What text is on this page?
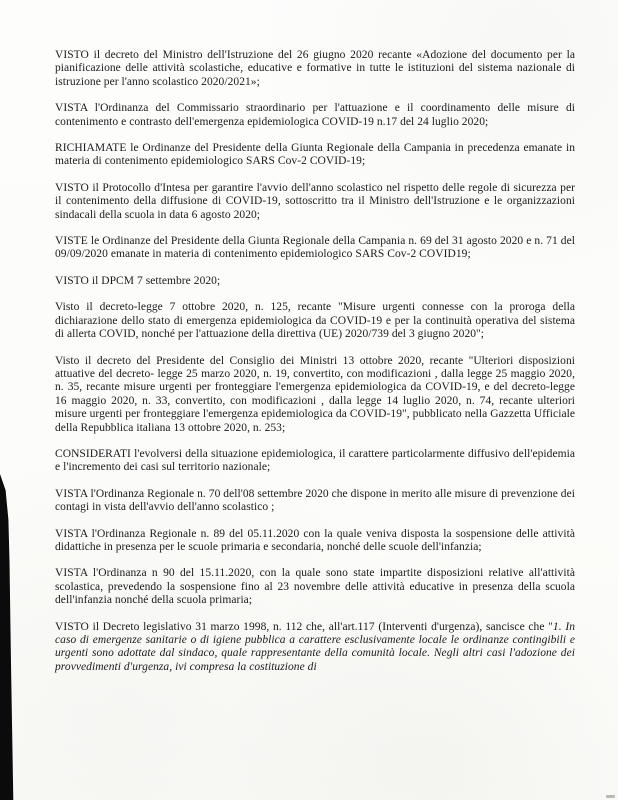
VISTO il decreto del Ministro dell'Istruzione del 26 giugno 2020 recante «Adozione del documento per la pianificazione delle attività scolastiche, educative e formative in tutte le istituzioni del sistema nazionale di istruzione per l'anno scolastico 2020/2021»;

VISTA l'Ordinanza del Commissario straordinario per l'attuazione e il coordinamento delle misure di contenimento e contrasto dell'emergenza epidemiologica COVID-19 n.17 del 24 luglio 2020;

RICHIAMATE le Ordinanze del Presidente della Giunta Regionale della Campania in precedenza emanate in materia di contenimento epidemiologico SARS Cov-2 COVID-19;

VISTO il Protocollo d'Intesa per garantire l'avvio dell'anno scolastico nel rispetto delle regole di sicurezza per il contenimento della diffusione di COVID-19, sottoscritto tra il Ministro dell'Istruzione e le organizzazioni sindacali della scuola in data 6 agosto 2020;

VISTE le Ordinanze del Presidente della Giunta Regionale della Campania n. 69 del 31 agosto 2020 e n. 71 del 09/09/2020 emanate in materia di contenimento epidemiologico SARS Cov-2 COVID19;

VISTO il DPCM 7 settembre 2020;

Visto il decreto-legge 7 ottobre 2020, n. 125, recante "Misure urgenti connesse con la proroga della dichiarazione dello stato di emergenza epidemiologica da COVID-19 e per la continuità operativa del sistema di allerta COVID, nonché per l'attuazione della direttiva (UE) 2020/739 del 3 giugno 2020";

Visto il decreto del Presidente del Consiglio dei Ministri 13 ottobre 2020, recante "Ulteriori disposizioni attuative del decreto- legge 25 marzo 2020, n. 19, convertito, con modificazioni , dalla legge 25 maggio 2020, n. 35, recante misure urgenti per fronteggiare l'emergenza epidemiologica da COVID-19, e del decreto-legge 16 maggio 2020, n. 33, convertito, con modificazioni , dalla legge 14 luglio 2020, n. 74, recante ulteriori misure urgenti per fronteggiare l'emergenza epidemiologica da COVID-19", pubblicato nella Gazzetta Ufficiale della Repubblica italiana 13 ottobre 2020, n. 253;

CONSIDERATI l'evolversi della situazione epidemiologica, il carattere particolarmente diffusivo dell'epidemia e l'incremento dei casi sul territorio nazionale;

VISTA l'Ordinanza Regionale n. 70 dell'08 settembre 2020 che dispone in merito alle misure di prevenzione dei contagi in vista dell'avvio dell'anno scolastico ;

VISTA l'Ordinanza Regionale n. 89 del 05.11.2020 con la quale veniva disposta la sospensione delle attività didattiche in presenza per le scuole primaria e secondaria, nonché delle scuole dell'infanzia;

VISTA l'Ordinanza n 90 del 15.11.2020, con la quale sono state impartite disposizioni relative all'attività scolastica, prevedendo la sospensione fino al 23 novembre delle attività educative in presenza della scuola dell'infanzia nonché della scuola primaria;

VISTO il Decreto legislativo 31 marzo 1998, n. 112 che, all'art.117 (Interventi d'urgenza), sancisce che "1. In caso di emergenze sanitarie o di igiene pubblica a carattere esclusivamente locale le ordinanze contingibili e urgenti sono adottate dal sindaco, quale rappresentante della comunità locale. Negli altri casi l'adozione dei provvedimenti d'urgenza, ivi compresa la costituzione di
